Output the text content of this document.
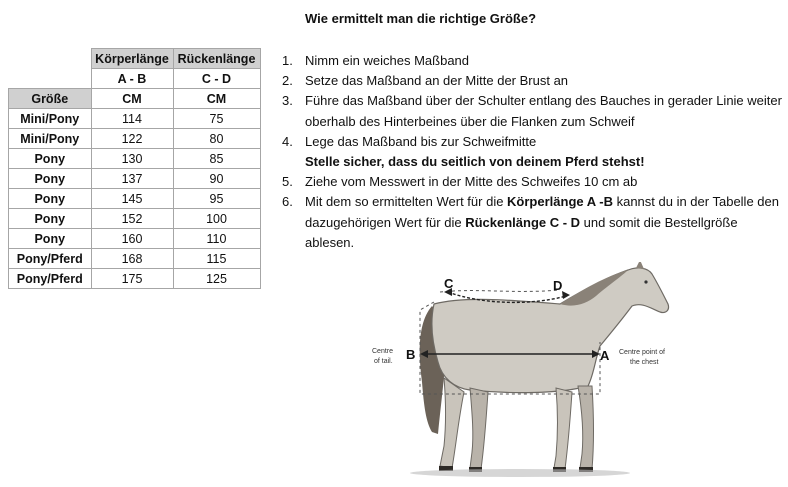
	Körperlänge	Rückenlänge
	A - B	C - D
Größe	CM	CM
Mini/Pony	114	75
Mini/Pony	122	80
Pony	130	85
Pony	137	90
Pony	145	95
Pony	152	100
Pony	160	110
Pony/Pferd	168	115
Pony/Pferd	175	125
Wie ermittelt man die richtige Größe?
1. Nimm ein weiches Maßband
2. Setze das Maßband an der Mitte der Brust an
3. Führe das Maßband über der Schulter entlang des Bauches in gerader Linie weiter oberhalb des Hinterbeines über die Flanken zum Schweif
4. Lege das Maßband bis zur Schweifmitte
Stelle sicher, dass du seitlich von deinem Pferd stehst!
5. Ziehe vom Messwert in der Mitte des Schweifes 10 cm ab
6. Mit dem so ermittelten Wert für die Körperlänge A -B kannst du in der Tabelle den dazugehörigen Wert für die Rückenlänge C - D und somit die Bestellgröße ablesen.
C	D
B	A
Centre
of tail.
Centre point of
the chest
